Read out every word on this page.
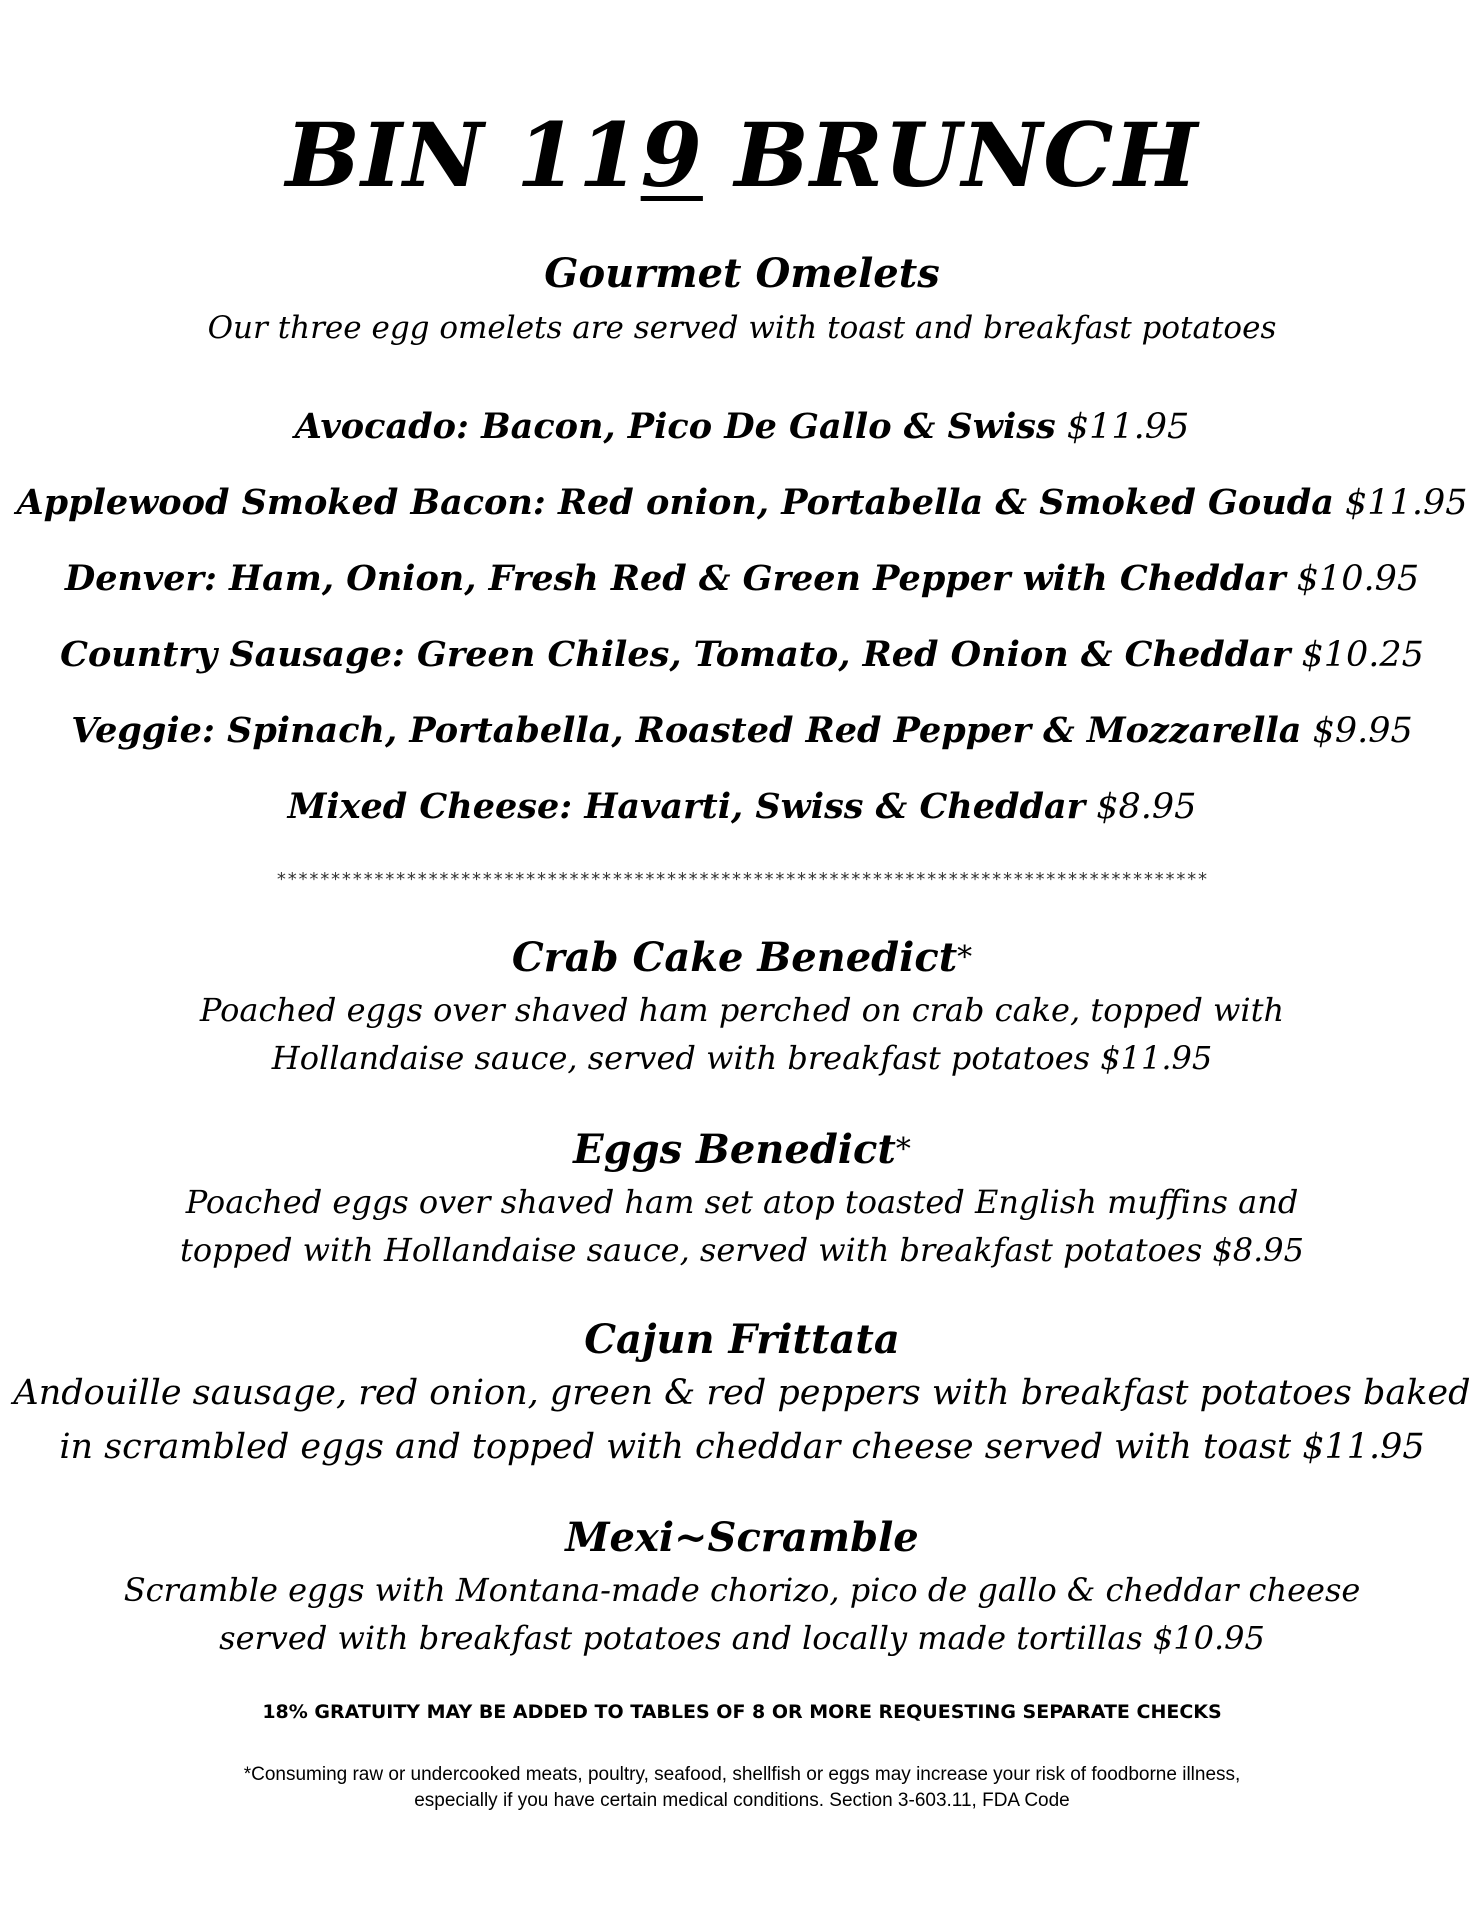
BIN 119 BRUNCH
Gourmet Omelets
Our three egg omelets are served with toast and breakfast potatoes
Avocado: Bacon, Pico De Gallo & Swiss $11.95
Applewood Smoked Bacon: Red onion, Portabella & Smoked Gouda $11.95
Denver: Ham, Onion, Fresh Red & Green Pepper with Cheddar $10.95
Country Sausage: Green Chiles, Tomato, Red Onion & Cheddar $10.25
Veggie: Spinach, Portabella, Roasted Red Pepper & Mozzarella $9.95
Mixed Cheese: Havarti, Swiss & Cheddar $8.95
**************************************************************************************
Crab Cake Benedict*
Poached eggs over shaved ham perched on crab cake, topped with
Hollandaise sauce, served with breakfast potatoes $11.95
Eggs Benedict*
Poached eggs over shaved ham set atop toasted English muffins and
topped with Hollandaise sauce, served with breakfast potatoes $8.95
Cajun Frittata
Andouille sausage, red onion, green & red peppers with breakfast potatoes baked
in scrambled eggs and topped with cheddar cheese served with toast $11.95
Mexi~Scramble
Scramble eggs with Montana-made chorizo, pico de gallo & cheddar cheese
served with breakfast potatoes and locally made tortillas $10.95
18% GRATUITY MAY BE ADDED TO TABLES OF 8 OR MORE REQUESTING SEPARATE CHECKS
*Consuming raw or undercooked meats, poultry, seafood, shellfish or eggs may increase your risk of foodborne illness,
especially if you have certain medical conditions. Section 3-603.11, FDA Code
